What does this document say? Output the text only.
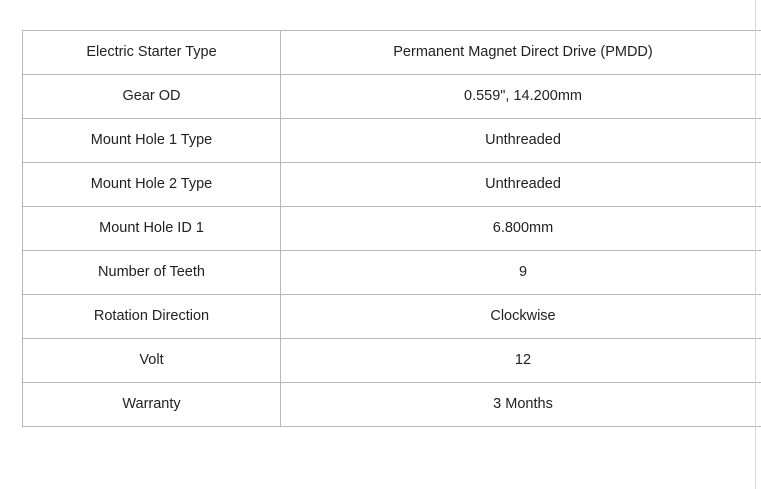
Electric Starter Type	Permanent Magnet Direct Drive (PMDD)
Gear OD	0.559", 14.200mm
Mount Hole 1 Type	Unthreaded
Mount Hole 2 Type	Unthreaded
Mount Hole ID 1	6.800mm
Number of Teeth	9
Rotation Direction	Clockwise
Volt	12
Warranty	3 Months
